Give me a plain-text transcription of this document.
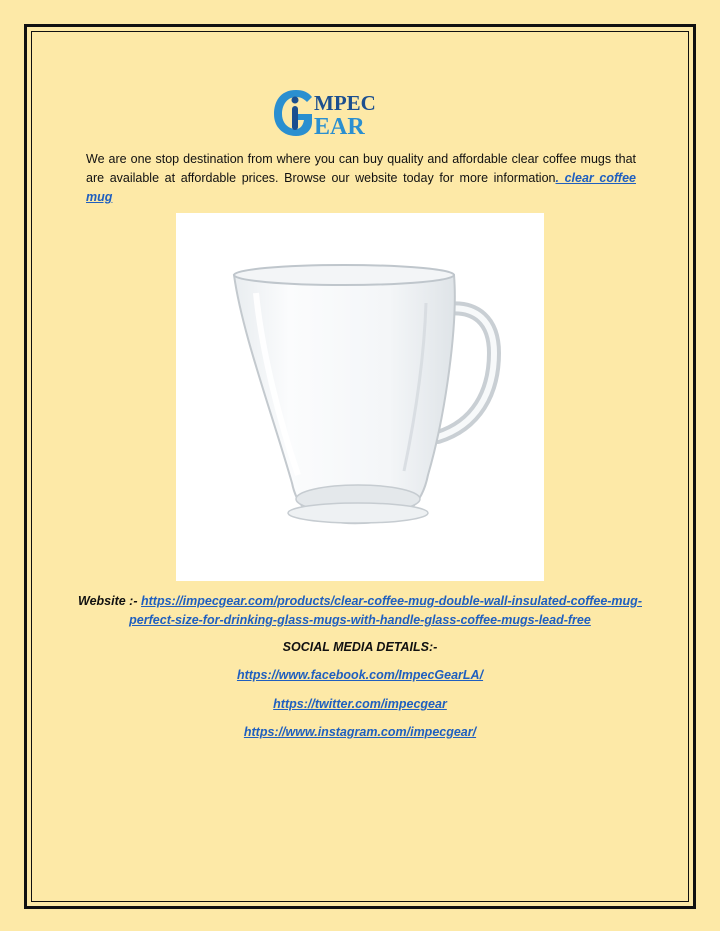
MPEC
EAR
We are one stop destination from where you can buy quality and affordable clear coffee mugs that are available at affordable prices. Browse our website today for more information. clear coffee mug
Website :- https://impecgear.com/products/clear-coffee-mug-double-wall-insulated-coffee-mug-perfect-size-for-drinking-glass-mugs-with-handle-glass-coffee-mugs-lead-free
SOCIAL MEDIA DETAILS:-
https://www.facebook.com/ImpecGearLA/
https://twitter.com/impecgear
https://www.instagram.com/impecgear/
